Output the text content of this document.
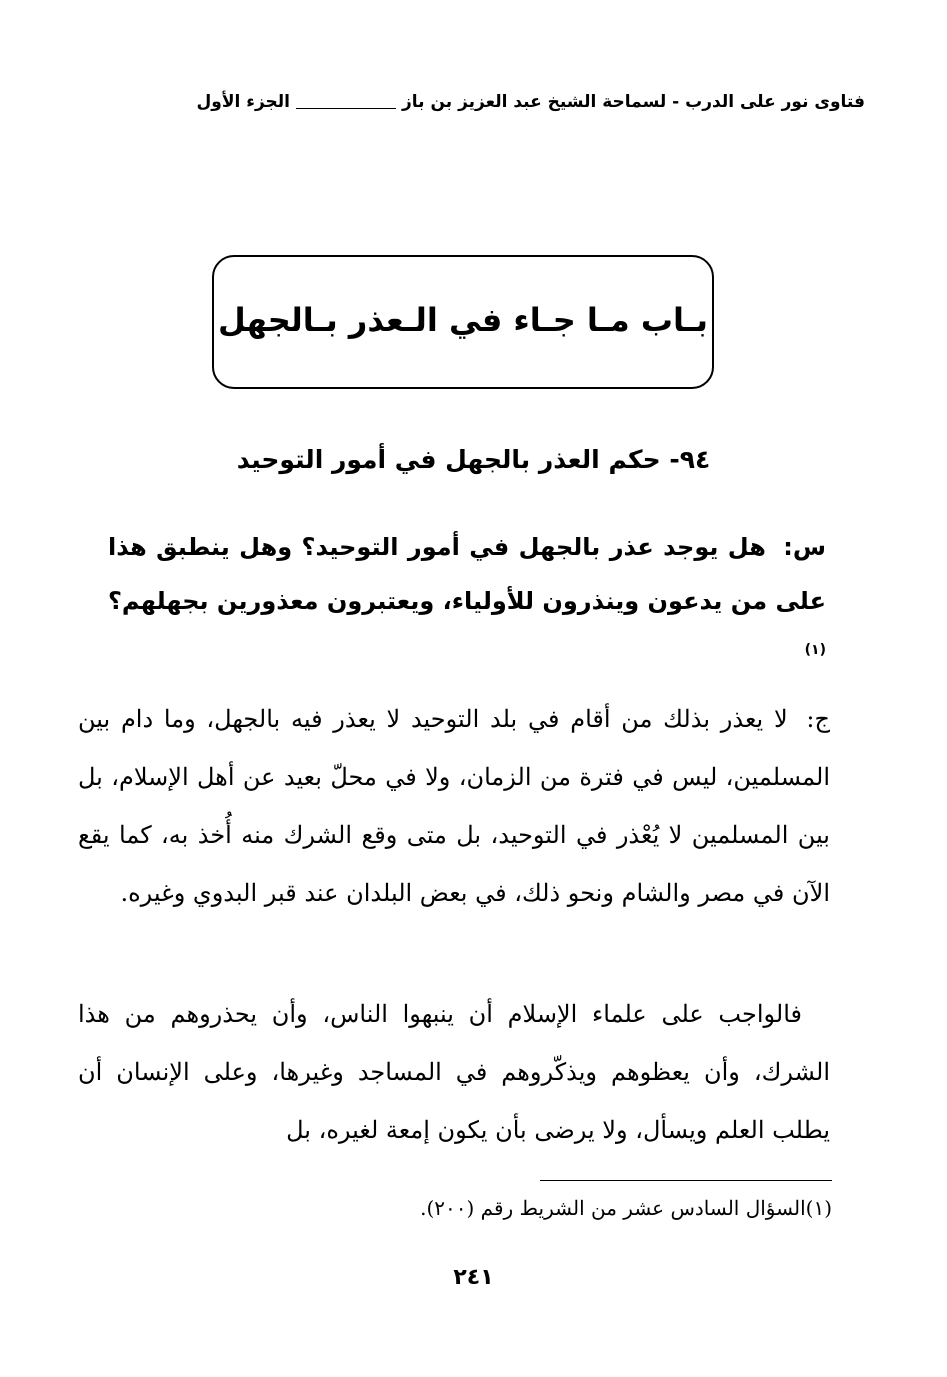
فتاوى نور على الدرب - لسماحة الشيخ عبد العزيز بن باز
الجزء الأول
بـاب مـا جـاء في الـعذر بـالجهل
٩٤- حكم العذر بالجهل في أمور التوحيد
س: هل يوجد عذر بالجهل في أمور التوحيد؟ وهل ينطبق هذا على من يدعون وينذرون للأولياء، ويعتبرون معذورين بجهلهم؟ $^{(١)}$
ج: لا يعذر بذلك من أقام في بلد التوحيد لا يعذر فيه بالجهل، وما دام بين المسلمين، ليس في فترة من الزمان، ولا في محلّ بعيد عن أهل الإسلام، بل بين المسلمين لا يُعْذر في التوحيد، بل متى وقع الشرك منه أُخذ به، كما يقع الآن في مصر والشام ونحو ذلك، في بعض البلدان عند قبر البدوي وغيره.
فالواجب على علماء الإسلام أن ينبهوا الناس، وأن يحذروهم من هذا الشرك، وأن يعظوهم ويذكّروهم في المساجد وغيرها، وعلى الإنسان أن يطلب العلم ويسأل، ولا يرضى بأن يكون إمعة لغيره، بل
(١)السؤال السادس عشر من الشريط رقم (٢٠٠).
٢٤١
